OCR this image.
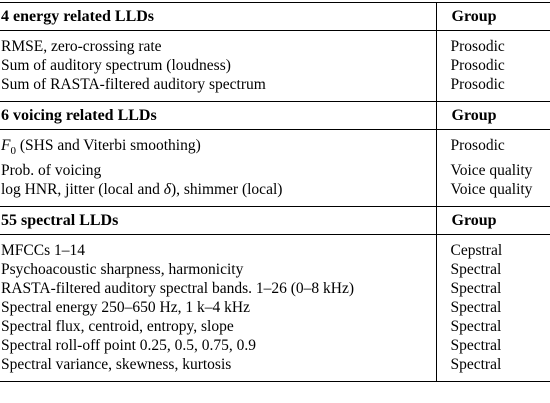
4 energy related LLDs	Group
RMSE, zero-crossing rate	Prosodic
Sum of auditory spectrum (loudness)	Prosodic
Sum of RASTA-filtered auditory spectrum	Prosodic
6 voicing related LLDs	Group
$F_0$ (SHS and Viterbi smoothing)	Prosodic
Prob. of voicing	Voice quality
log HNR, jitter (local and δ), shimmer (local)	Voice quality
55 spectral LLDs	Group
MFCCs 1–14	Cepstral
Psychoacoustic sharpness, harmonicity	Spectral
RASTA-filtered auditory spectral bands. 1–26 (0–8 kHz)	Spectral
Spectral energy 250–650 Hz, 1 k–4 kHz	Spectral
Spectral flux, centroid, entropy, slope	Spectral
Spectral roll-off point 0.25, 0.5, 0.75, 0.9	Spectral
Spectral variance, skewness, kurtosis	Spectral
